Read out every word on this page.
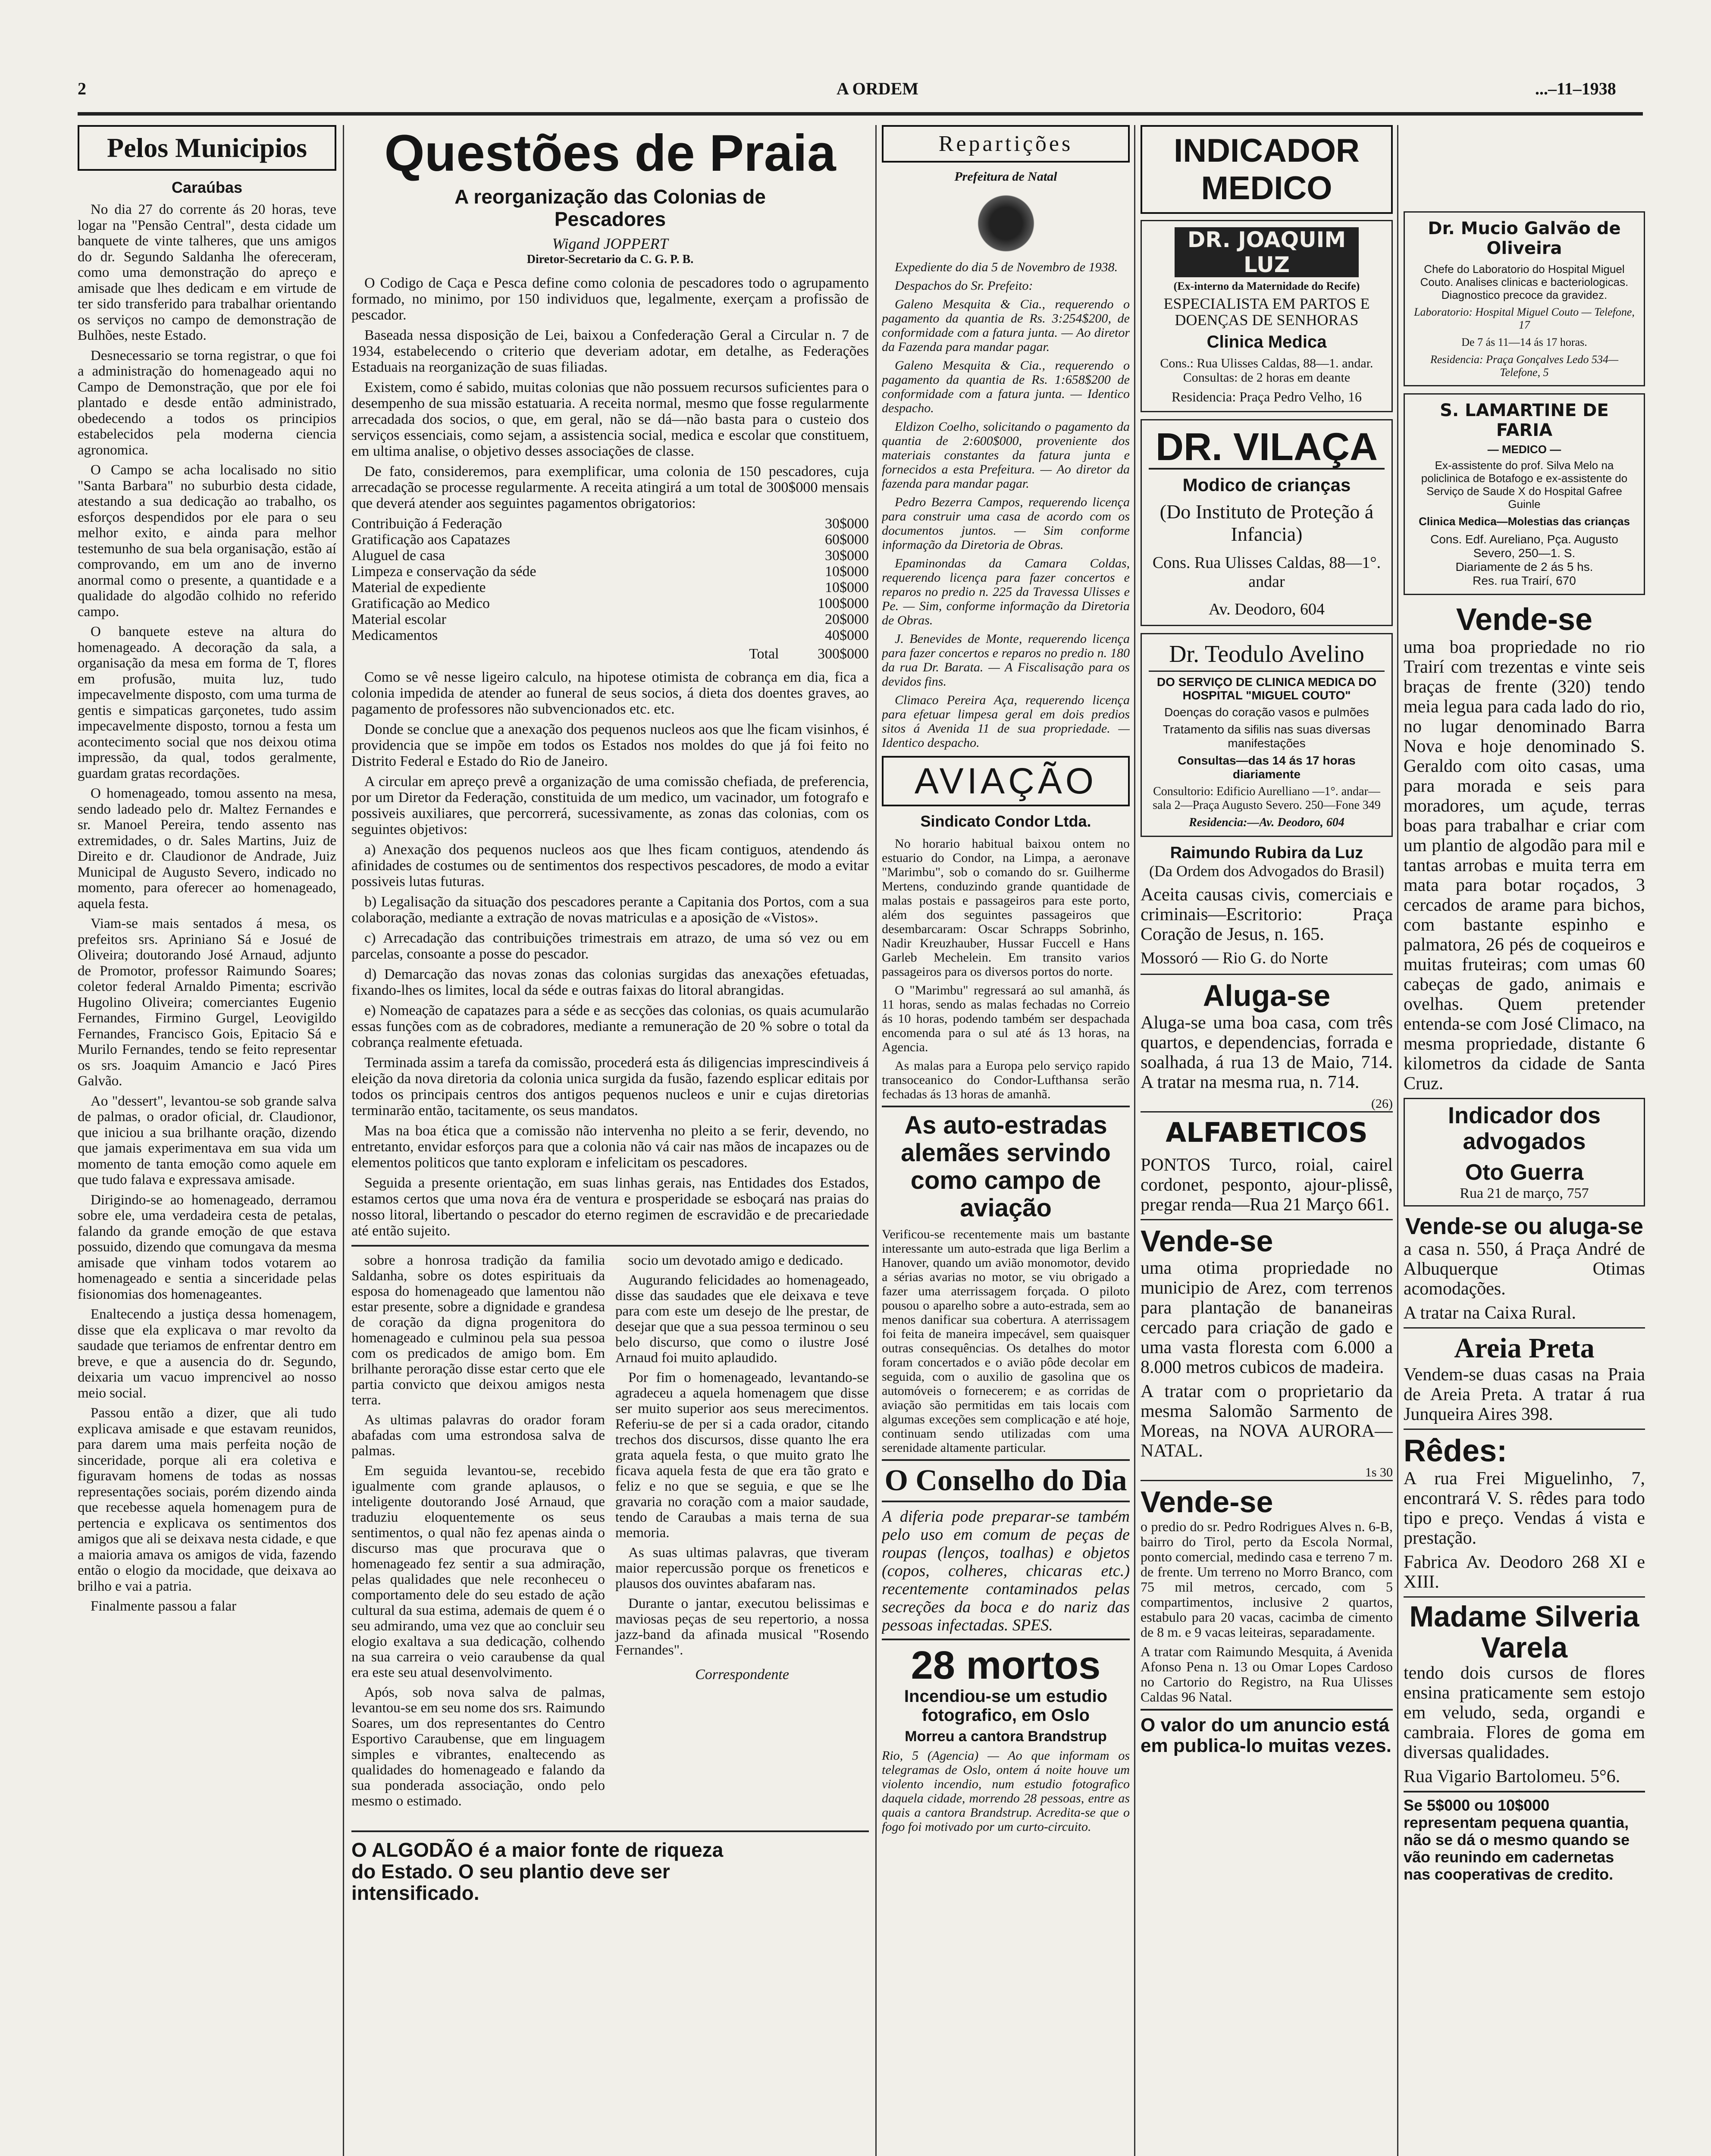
2	A ORDEM	...–11–1938
Pelos Municipios
Caraúbas

No dia 27 do corrente ás 20 horas, teve logar na "Pensão Central", desta cidade um banquete de vinte talheres, que uns amigos do dr. Segundo Saldanha lhe ofereceram, como uma demonstração do apreço e amisade que lhes dedicam e em virtude de ter sido transferido para trabalhar orientando os serviços no campo de demonstração de Bulhões, neste Estado.

Desnecessario se torna registrar, o que foi a administração do homenageado aqui no Campo de Demonstração, que por ele foi plantado e desde então administrado, obedecendo a todos os principios estabelecidos pela moderna ciencia agronomica.

O Campo se acha localisado no sitio "Santa Barbara" no suburbio desta cidade, atestando a sua dedicação ao trabalho, os esforços despendidos por ele para o seu melhor exito, e ainda para melhor testemunho de sua bela organisação, estão aí comprovando, em um ano de inverno anormal como o presente, a quantidade e a qualidade do algodão colhido no referido campo.

O banquete esteve na altura do homenageado. A decoração da sala, a organisação da mesa em forma de T, flores em profusão, muita luz, tudo impecavelmente disposto, com uma turma de gentis e simpaticas garçonetes, tudo assim impecavelmente disposto, tornou a festa um acontecimento social que nos deixou otima impressão, da qual, todos geralmente, guardam gratas recordações.

O homenageado, tomou assento na mesa, sendo ladeado pelo dr. Maltez Fernandes e sr. Manoel Pereira, tendo assento nas extremidades, o dr. Sales Martins, Juiz de Direito e dr. Claudionor de Andrade, Juiz Municipal de Augusto Severo, indicado no momento, para oferecer ao homenageado, aquela festa.

Viam-se mais sentados á mesa, os prefeitos srs. Apriniano Sá e Josué de Oliveira; doutorando José Arnaud, adjunto de Promotor, professor Raimundo Soares; coletor federal Arnaldo Pimenta; escrivão Hugolino Oliveira; comerciantes Eugenio Fernandes, Firmino Gurgel, Leovigildo Fernandes, Francisco Gois, Epitacio Sá e Murilo Fernandes, tendo se feito representar os srs. Joaquim Amancio e Jacó Pires Galvão.

Ao "dessert", levantou-se sob grande salva de palmas, o orador oficial, dr. Claudionor, que iniciou a sua brilhante oração, dizendo que jamais experimentava em sua vida um momento de tanta emoção como aquele em que tudo falava e expressava amisade.

Dirigindo-se ao homenageado, derramou sobre ele, uma verdadeira cesta de petalas, falando da grande emoção de que estava possuido, dizendo que comungava da mesma amisade que vinham todos votarem ao homenageado e sentia a sinceridade pelas fisionomias dos homenageantes.

Enaltecendo a justiça dessa homenagem, disse que ela explicava o mar revolto da saudade que teriamos de enfrentar dentro em breve, e que a ausencia do dr. Segundo, deixaria um vacuo imprencivel ao nosso meio social.

Passou então a dizer, que ali tudo explicava amisade e que estavam reunidos, para darem uma mais perfeita noção de sinceridade, porque ali era coletiva e figuravam homens de todas as nossas representações sociais, porém dizendo ainda que recebesse aquela homenagem pura de pertencia e explicava os sentimentos dos amigos que ali se deixava nesta cidade, e que a maioria amava os amigos de vida, fazendo então o elogio da mocidade, que deixava ao brilho e vai a patria.

Finalmente passou a falar

Questões de Praia
A reorganização das Colonias de Pescadores
Wigand JOPPERT
Diretor-Secretario da C. G. P. B.

O Codigo de Caça e Pesca define como colonia de pescadores todo o agrupamento formado, no minimo, por 150 individuos que, legalmente, exerçam a profissão de pescador.

Baseada nessa disposição de Lei, baixou a Confederação Geral a Circular n. 7 de 1934, estabelecendo o criterio que deveriam adotar, em detalhe, as Federações Estaduais na reorganização de suas filiadas.

Existem, como é sabido, muitas colonias que não possuem recursos suficientes para o desempenho de sua missão estatuaria. A receita normal, mesmo que fosse regularmente arrecadada dos socios, o que, em geral, não se dá—não basta para o custeio dos serviços essenciais, como sejam, a assistencia social, medica e escolar que constituem, em ultima analise, o objetivo desses associações de classe.

De fato, consideremos, para exemplificar, uma colonia de 150 pescadores, cuja arrecadação se processe regularmente. A receita atingirá a um total de 300$000 mensais que deverá atender aos seguintes pagamentos obrigatorios:

Contribuição á Federação	30$000
Gratificação aos Capatazes	60$000
Aluguel de casa	30$000
Limpeza e conservação da séde	10$000
Material de expediente	10$000
Gratificação ao Medico	100$000
Material escolar	20$000
Medicamentos	40$000
Total	300$000

Como se vê nesse ligeiro calculo, na hipotese otimista de cobrança em dia, fica a colonia impedida de atender ao funeral de seus socios, á dieta dos doentes graves, ao pagamento de professores não subvencionados etc. etc.

Donde se conclue que a anexação dos pequenos nucleos aos que lhe ficam visinhos, é providencia que se impõe em todos os Estados nos moldes do que já foi feito no Distrito Federal e Estado do Rio de Janeiro.

A circular em apreço prevê a organização de uma comissão chefiada, de preferencia, por um Diretor da Federação, constituida de um medico, um vacinador, um fotografo e possiveis auxiliares, que percorrerá, sucessivamente, as zonas das colonias, com os seguintes objetivos:

a) Anexação dos pequenos nucleos aos que lhes ficam contiguos, atendendo ás afinidades de costumes ou de sentimentos dos respectivos pescadores, de modo a evitar possiveis lutas futuras.

b) Legalisação da situação dos pescadores perante a Capitania dos Portos, com a sua colaboração, mediante a extração de novas matriculas e a aposição de «Vistos».

c) Arrecadação das contribuições trimestrais em atrazo, de uma só vez ou em parcelas, consoante a posse do pescador.

d) Demarcação das novas zonas das colonias surgidas das anexações efetuadas, fixando-lhes os limites, local da séde e outras faixas do litoral abrangidas.

e) Nomeação de capatazes para a séde e as secções das colonias, os quais acumularão essas funções com as de cobradores, mediante a remuneração de 20 % sobre o total da cobrança realmente efetuada.

Terminada assim a tarefa da comissão, procederá esta ás diligencias imprescindiveis á eleição da nova diretoria da colonia unica surgida da fusão, fazendo esplicar editais por todos os principais centros dos antigos pequenos nucleos e unir e cujas diretorias terminarão então, tacitamente, os seus mandatos.

Mas na boa ética que a comissão não intervenha no pleito a se ferir, devendo, no entretanto, envidar esforços para que a colonia não vá cair nas mãos de incapazes ou de elementos politicos que tanto exploram e infelicitam os pescadores.

Seguida a presente orientação, em suas linhas gerais, nas Entidades dos Estados, estamos certos que uma nova éra de ventura e prosperidade se esboçará nas praias do nosso litoral, libertando o pescador do eterno regimen de escravidão e de precariedade até então sujeito.

sobre a honrosa tradição da familia Saldanha, sobre os dotes espirituais da esposa do homenageado que lamentou não estar presente, sobre a dignidade e grandesa de coração da digna progenitora do homenageado e culminou pela sua pessoa com os predicados de amigo bom. Em brilhante peroração disse estar certo que ele partia convicto que deixou amigos nesta terra.

As ultimas palavras do orador foram abafadas com uma estrondosa salva de palmas.

Em seguida levantou-se, recebido igualmente com grande aplausos, o inteligente doutorando José Arnaud, que traduziu eloquentemente os seus sentimentos, o qual não fez apenas ainda o discurso mas que procurava que o homenageado fez sentir a sua admiração, pelas qualidades que nele reconheceu o comportamento dele do seu estado de ação cultural da sua estima, ademais de quem é o seu admirando, uma vez que ao concluir seu elogio exaltava a sua dedicação, colhendo na sua carreira o veio caraubense da qual era este seu atual desenvolvimento.

Após, sob nova salva de palmas, levantou-se em seu nome dos srs. Raimundo Soares, um dos representantes do Centro Esportivo Caraubense, que em linguagem simples e vibrantes, enaltecendo as qualidades do homenageado e falando da sua ponderada associação, ondo pelo mesmo o estimado.

socio um devotado amigo e dedicado.

Augurando felicidades ao homenageado, disse das saudades que ele deixava e teve para com este um desejo de lhe prestar, de desejar que que a sua pessoa terminou o seu belo discurso, que como o ilustre José Arnaud foi muito aplaudido.

Por fim o homenageado, levantando-se agradeceu a aquela homenagem que disse ser muito superior aos seus merecimentos. Referiu-se de per si a cada orador, citando trechos dos discursos, disse quanto lhe era grata aquela festa, o que muito grato lhe ficava aquela festa de que era tão grato e feliz e no que se seguia, e que se lhe gravaria no coração com a maior saudade, tendo de Caraubas a mais terna de sua memoria.

As suas ultimas palavras, que tiveram maior repercussão porque os freneticos e plausos dos ouvintes abafaram nas.

Durante o jantar, executou belissimas e maviosas peças de seu repertorio, a nossa jazz-band da afinada musical "Rosendo Fernandes".

Correspondente
O ALGODÃO é a maior fonte de riqueza do Estado. O seu plantio deve ser intensificado.
Repartições
Prefeitura de Natal

Expediente do dia 5 de Novembro de 1938.

Despachos do Sr. Prefeito:

Galeno Mesquita & Cia., requerendo o pagamento da quantia de Rs. 3:254$200, de conformidade com a fatura junta. — Ao diretor da Fazenda para mandar pagar.

Galeno Mesquita & Cia., requerendo o pagamento da quantia de Rs. 1:658$200 de conformidade com a fatura junta. — Identico despacho.

Eldizon Coelho, solicitando o pagamento da quantia de 2:600$000, proveniente dos materiais constantes da fatura junta e fornecidos a esta Prefeitura. — Ao diretor da fazenda para mandar pagar.

Pedro Bezerra Campos, requerendo licença para construir uma casa de acordo com os documentos juntos. — Sim conforme informação da Diretoria de Obras.

Epaminondas da Camara Coldas, requerendo licença para fazer concertos e reparos no predio n. 225 da Travessa Ulisses e Pe. — Sim, conforme informação da Diretoria de Obras.

J. Benevides de Monte, requerendo licença para fazer concertos e reparos no predio n. 180 da rua Dr. Barata. — A Fiscalisação para os devidos fins.

Climaco Pereira Aça, requerendo licença para efetuar limpesa geral em dois predios sitos á Avenida 11 de sua propriedade. — Identico despacho.

AVIAÇÃO
Sindicato Condor Ltda.

No horario habitual baixou ontem no estuario do Condor, na Limpa, a aeronave "Marimbu", sob o comando do sr. Guilherme Mertens, conduzindo grande quantidade de malas postais e passageiros para este porto, além dos seguintes passageiros que desembarcaram: Oscar Schrapps Sobrinho, Nadir Kreuzhauber, Hussar Fuccell e Hans Garleb Mechelein. Em transito varios passageiros para os diversos portos do norte.

O "Marimbu" regressará ao sul amanhã, ás 11 horas, sendo as malas fechadas no Correio ás 10 horas, podendo também ser despachada encomenda para o sul até ás 13 horas, na Agencia.

As malas para a Europa pelo serviço rapido transoceanico do Condor-Lufthansa serão fechadas ás 13 horas de amanhã.

As auto-estradas alemães servindo como campo de aviação

Verificou-se recentemente mais um bastante interessante um auto-estrada que liga Berlim a Hanover, quando um avião monomotor, devido a sérias avarias no motor, se viu obrigado a fazer uma aterrissagem forçada. O piloto pousou o aparelho sobre a auto-estrada, sem ao menos danificar sua cobertura. A aterrissagem foi feita de maneira impecável, sem quaisquer outras consequências. Os detalhes do motor foram concertados e o avião pôde decolar em seguida, com o auxilio de gasolina que os automóveis o fornecerem; e as corridas de aviação são permitidas em tais locais com algumas exceções sem complicação e até hoje, continuam sendo utilizadas com uma serenidade altamente particular.

O Conselho do Dia

A diferia pode preparar-se também pelo uso em comum de peças de roupas (lenços, toalhas) e objetos (copos, colheres, chicaras etc.) recentemente contaminados pelas secreções da boca e do nariz das pessoas infectadas. SPES.

28 mortos
Incendiou-se um estudio fotografico, em Oslo
Morreu a cantora Brandstrup

Rio, 5 (Agencia) — Ao que informam os telegramas de Oslo, ontem á noite houve um violento incendio, num estudio fotografico daquela cidade, morrendo 28 pessoas, entre as quais a cantora Brandstrup. Acredita-se que o fogo foi motivado por um curto-circuito.

INDICADOR MEDICO
DR. JOAQUIM LUZ
(Ex-interno da Maternidade do Recife)
ESPECIALISTA EM PARTOS E DOENÇAS DE SENHORAS
Clinica Medica
Cons.: Rua Ulisses Caldas, 88—1. andar. Consultas: de 2 horas em deante
Residencia: Praça Pedro Velho, 16
DR. VILAÇA
Modico de crianças
(Do Instituto de Proteção á Infancia)
Cons. Rua Ulisses Caldas, 88—1°. andar
Av. Deodoro, 604
Dr. Teodulo Avelino
DO SERVIÇO DE CLINICA MEDICA DO HOSPITAL "MIGUEL COUTO"
Doenças do coração vasos e pulmões
Tratamento da sifilis nas suas diversas manifestações
Consultas—das 14 ás 17 horas diariamente
Consultorio: Edificio Aurelliano —1°. andar—sala 2—Praça Augusto Severo. 250—Fone 349
Residencia:—Av. Deodoro, 604
Raimundo Rubira da Luz
(Da Ordem dos Advogados do Brasil)

Aceita causas civis, comerciais e criminais—Escritorio: Praça Coração de Jesus, n. 165.

Mossoró — Rio G. do Norte
Aluga-se

Aluga-se uma boa casa, com três quartos, e dependencias, forrada e soalhada, á rua 13 de Maio, 714. A tratar na mesma rua, n. 714.

(26)
ALFABETICOS

PONTOS Turco, roial, cairel cordonet, pesponto, ajour-plissê, pregar renda—Rua 21 Março 661.

Vende-se

uma otima propriedade no municipio de Arez, com terrenos para plantação de bananeiras cercado para criação de gado e uma vasta floresta com 6.000 a 8.000 metros cubicos de madeira.

A tratar com o proprietario da mesma Salomão Sarmento de Moreas, na NOVA AURORA—NATAL.

1s 30
Vende-se

o predio do sr. Pedro Rodrigues Alves n. 6-B, bairro do Tirol, perto da Escola Normal, ponto comercial, medindo casa e terreno 7 m. de frente. Um terreno no Morro Branco, com 75 mil metros, cercado, com 5 compartimentos, inclusive 2 quartos, estabulo para 20 vacas, cacimba de cimento de 8 m. e 9 vacas leiteiras, separadamente.

A tratar com Raimundo Mesquita, á Avenida Afonso Pena n. 13 ou Omar Lopes Cardoso no Cartorio do Registro, na Rua Ulisses Caldas 96 Natal.

O valor do um anuncio está em publica-lo muitas vezes.
Dr. Mucio Galvão de Oliveira
Chefe do Laboratorio do Hospital Miguel Couto. Analises clinicas e bacteriologicas. Diagnostico precoce da gravidez.
Laboratorio: Hospital Miguel Couto — Telefone, 17
De 7 ás 11—14 ás 17 horas.
Residencia: Praça Gonçalves Ledo 534—Telefone, 5
S. LAMARTINE DE FARIA
— MEDICO —
Ex-assistente do prof. Silva Melo na policlinica de Botafogo e ex-assistente do Serviço de Saude X do Hospital Gafree Guinle
Clinica Medica—Molestias das crianças
Cons. Edf. Aureliano, Pça. Augusto Severo, 250—1. S.
Diariamente de 2 ás 5 hs.
Res. rua Trairí, 670
Vende-se

uma boa propriedade no rio Trairí com trezentas e vinte seis braças de frente (320) tendo meia legua para cada lado do rio, no lugar denominado Barra Nova e hoje denominado S. Geraldo com oito casas, uma para morada e seis para moradores, um açude, terras boas para trabalhar e criar com um plantio de algodão para mil e tantas arrobas e muita terra em mata para botar roçados, 3 cercados de arame para bichos, com bastante espinho e palmatora, 26 pés de coqueiros e muitas fruteiras; com umas 60 cabeças de gado, animais e ovelhas. Quem pretender entenda-se com José Climaco, na mesma propriedade, distante 6 kilometros da cidade de Santa Cruz.

Indicador dos advogados
Oto Guerra
Rua 21 de março, 757
Vende-se ou aluga-se

a casa n. 550, á Praça André de Albuquerque Otimas acomodações.

A tratar na Caixa Rural.

Areia Preta

Vendem-se duas casas na Praia de Areia Preta. A tratar á rua Junqueira Aires 398.

Rêdes:

A rua Frei Miguelinho, 7, encontrará V. S. rêdes para todo tipo e preço. Vendas á vista e prestação.

Fabrica Av. Deodoro 268 XI e XIII.

Madame Silveria Varela

tendo dois cursos de flores ensina praticamente sem estojo em veludo, seda, organdi e cambraia. Flores de goma em diversas qualidades.

Rua Vigario Bartolomeu. 5°6.

Se 5$000 ou 10$000 representam pequena quantia, não se dá o mesmo quando se vão reunindo em cadernetas nas cooperativas de credito.
